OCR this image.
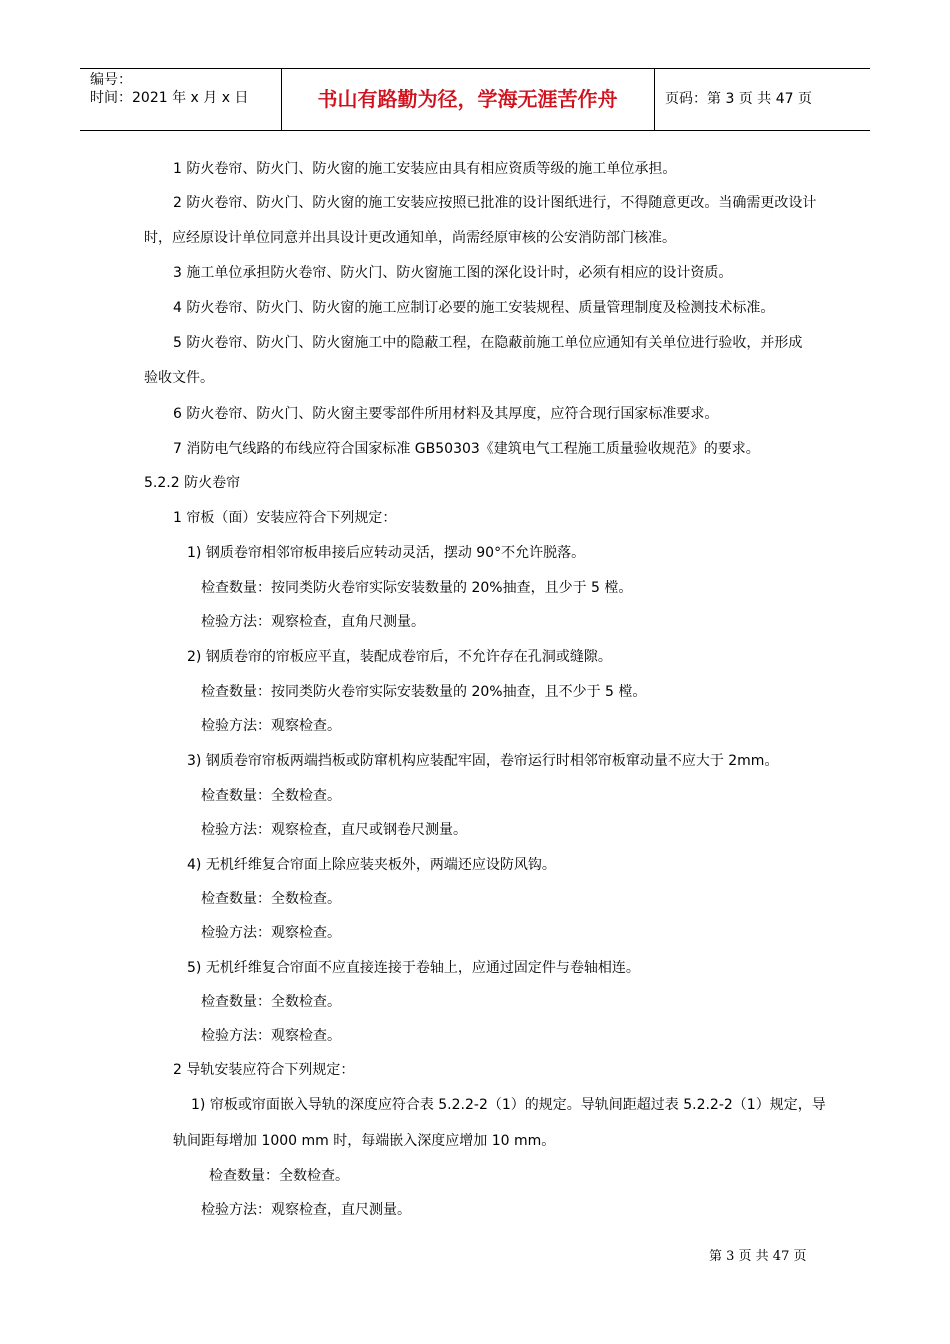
编号：
时间：2021 年 x 月 x 日	书山有路勤为径，学海无涯苦作舟	页码：第 3 页 共 47 页

1 防火卷帘、防火门、防火窗的施工安装应由具有相应资质等级的施工单位承担。

2 防火卷帘、防火门、防火窗的施工安装应按照已批准的设计图纸进行，不得随意更改。当确需更改设计

时，应经原设计单位同意并出具设计更改通知单，尚需经原审核的公安消防部门核准。

3 施工单位承担防火卷帘、防火门、防火窗施工图的深化设计时，必须有相应的设计资质。

4 防火卷帘、防火门、防火窗的施工应制订必要的施工安装规程、质量管理制度及检测技术标准。

5 防火卷帘、防火门、防火窗施工中的隐蔽工程，在隐蔽前施工单位应通知有关单位进行验收，并形成

验收文件。

6 防火卷帘、防火门、防火窗主要零部件所用材料及其厚度，应符合现行国家标准要求。

7 消防电气线路的布线应符合国家标准 GB50303《建筑电气工程施工质量验收规范》的要求。

5.2.2 防火卷帘

1 帘板（面）安装应符合下列规定：

1) 钢质卷帘相邻帘板串接后应转动灵活，摆动 90°不允许脱落。

检查数量：按同类防火卷帘实际安装数量的 20%抽查，且少于 5 樘。

检验方法：观察检查，直角尺测量。

2) 钢质卷帘的帘板应平直，装配成卷帘后，不允许存在孔洞或缝隙。

检查数量：按同类防火卷帘实际安装数量的 20%抽查，且不少于 5 樘。

检验方法：观察检查。

3) 钢质卷帘帘板两端挡板或防窜机构应装配牢固，卷帘运行时相邻帘板窜动量不应大于 2mm。

检查数量：全数检查。

检验方法：观察检查，直尺或钢卷尺测量。

4) 无机纤维复合帘面上除应装夹板外，两端还应设防风钩。

检查数量：全数检查。

检验方法：观察检查。

5) 无机纤维复合帘面不应直接连接于卷轴上，应通过固定件与卷轴相连。

检查数量：全数检查。

检验方法：观察检查。

2 导轨安装应符合下列规定：

1) 帘板或帘面嵌入导轨的深度应符合表 5.2.2-2（1）的规定。导轨间距超过表 5.2.2-2（1）规定，导

轨间距每增加 1000 mm 时，每端嵌入深度应增加 10 mm。

检查数量：全数检查。

检验方法：观察检查，直尺测量。

第 3 页 共 47 页
